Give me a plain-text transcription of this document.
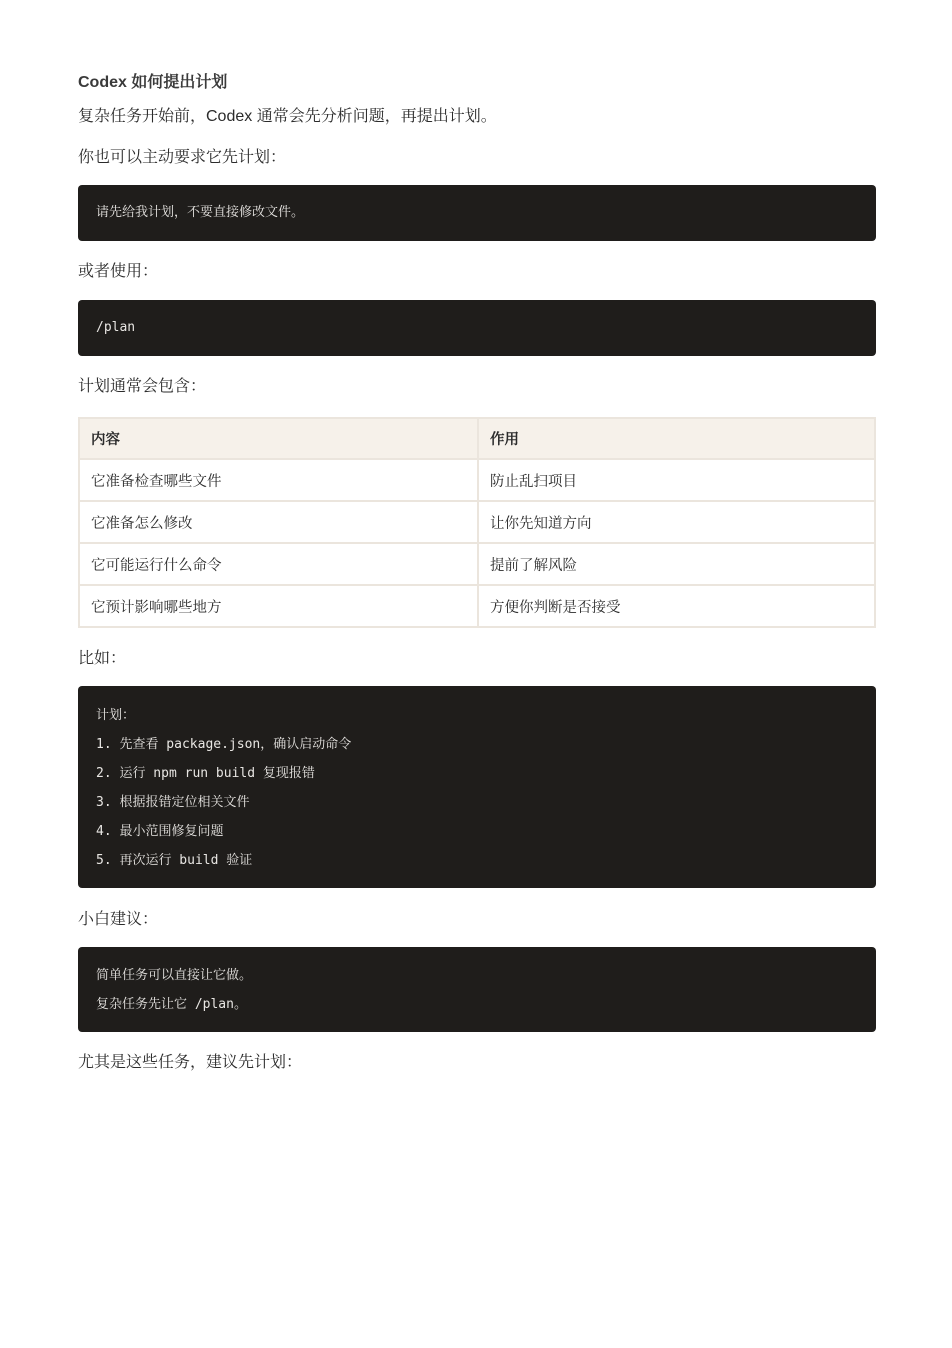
Codex 如何提出计划
复杂任务开始前，Codex 通常会先分析问题，再提出计划。
你也可以主动要求它先计划：
请先给我计划，不要直接修改文件。
或者使用：
/plan
计划通常会包含：
内容	作用
它准备检查哪些文件	防止乱扫项目
它准备怎么修改	让你先知道方向
它可能运行什么命令	提前了解风险
它预计影响哪些地方	方便你判断是否接受
比如：
计划：
1. 先查看 package.json，确认启动命令
2. 运行 npm run build 复现报错
3. 根据报错定位相关文件
4. 最小范围修复问题
5. 再次运行 build 验证
小白建议：
简单任务可以直接让它做。
复杂任务先让它 /plan。
尤其是这些任务，建议先计划：
